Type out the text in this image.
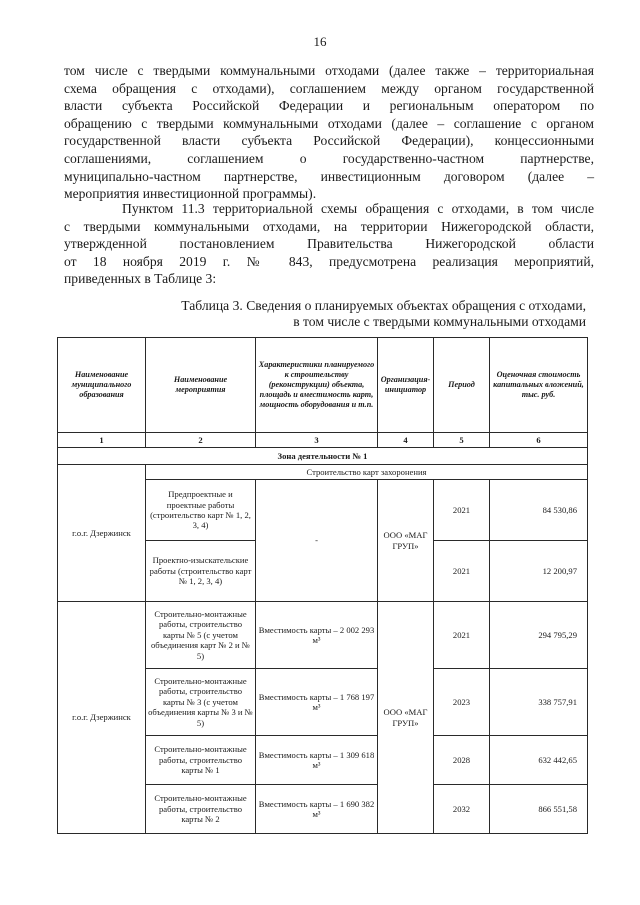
16
том числе с твердыми коммунальными отходами (далее также – территориальная
схема обращения с отходами), соглашением между органом государственной
власти субъекта Российской Федерации и региональным оператором по
обращению с твердыми коммунальными отходами (далее – соглашение с органом
государственной власти субъекта Российской Федерации), концессионными
соглашениями, соглашением о государственно-частном партнерстве,
муниципально-частном партнерстве, инвестиционным договором (далее –
мероприятия инвестиционной программы).
Пунктом 11.3 территориальной схемы обращения с отходами, в том числе
с твердыми коммунальными отходами, на территории Нижегородской области,
утвержденной постановлением Правительства Нижегородской области
от 18 ноября 2019 г. № 843, предусмотрена реализация мероприятий,
приведенных в Таблице 3:
Таблица 3. Сведения о планируемых объектах обращения с отходами,
в том числе с твердыми коммунальными отходами
Наименование муниципального образования	Наименование мероприятия	Характеристики планируемого к строительству (реконструкции) объекта, площадь и вместимость карт, мощность оборудования и т.п.	Организация-инициатор	Период	Оценочная стоимость капитальных вложений, тыс. руб.
1	2	3	4	5	6
Зона деятельности № 1					
г.о.г. Дзержинск	Строительство карт захоронения				
	Предпроектные и проектные работы (строительство карт № 1, 2, 3, 4)	-	ООО «МАГ ГРУП»	2021	84 530,86
	Проектно-изыскательские работы (строительство карт № 1, 2, 3, 4)			2021	12 200,97
г.о.г. Дзержинск	Строительно-монтажные работы, строительство карты № 5 (с учетом объединения карт № 2 и № 5)	Вместимость карты – 2 002 293 м³	ООО «МАГ ГРУП»	2021	294 795,29
	Строительно-монтажные работы, строительство карты № 3 (с учетом объединения карты № 3 и № 5)	Вместимость карты – 1 768 197 м³		2023	338 757,91
	Строительно-монтажные работы, строительство карты № 1	Вместимость карты – 1 309 618 м³		2028	632 442,65
	Строительно-монтажные работы, строительство карты № 2	Вместимость карты – 1 690 382 м³		2032	866 551,58
